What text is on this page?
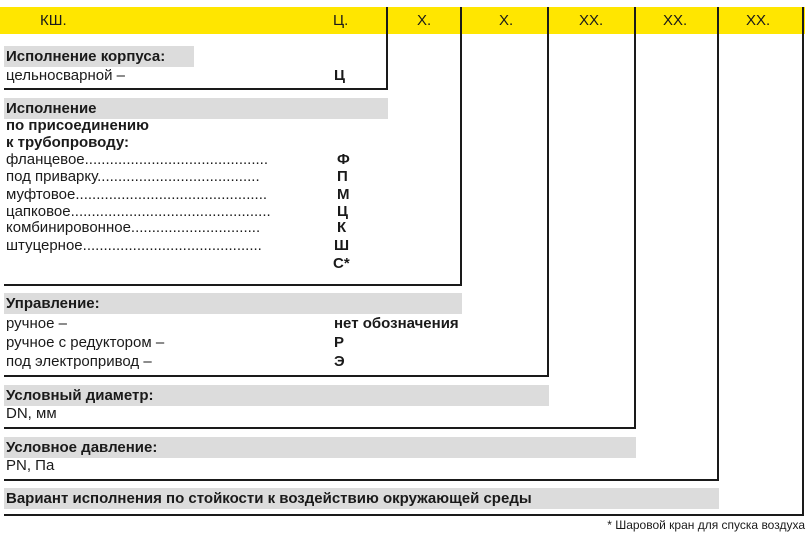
КШ.	Ц.	Х.	Х.	ХХ.	ХХ.	ХХ.
Исполнение корпуса:
цельносварной –	Ц
Исполнение
по присоединению
к трубопроводу:
фланцевое............................................	Ф
под приварку.......................................	П
муфтовое..............................................	М
цапковое................................................	Ц
комбинировонное...............................	К
штуцерное...........................................	Ш
С*
Управление:
ручное –	нет обозначения
ручное с редуктором –	Р
под электропривод –	Э
Условный диаметр:
DN, мм
Условное давление:
PN, Па
Вариант исполнения по стойкости к воздействию окружающей среды
* Шаровой кран для спуска воздуха
